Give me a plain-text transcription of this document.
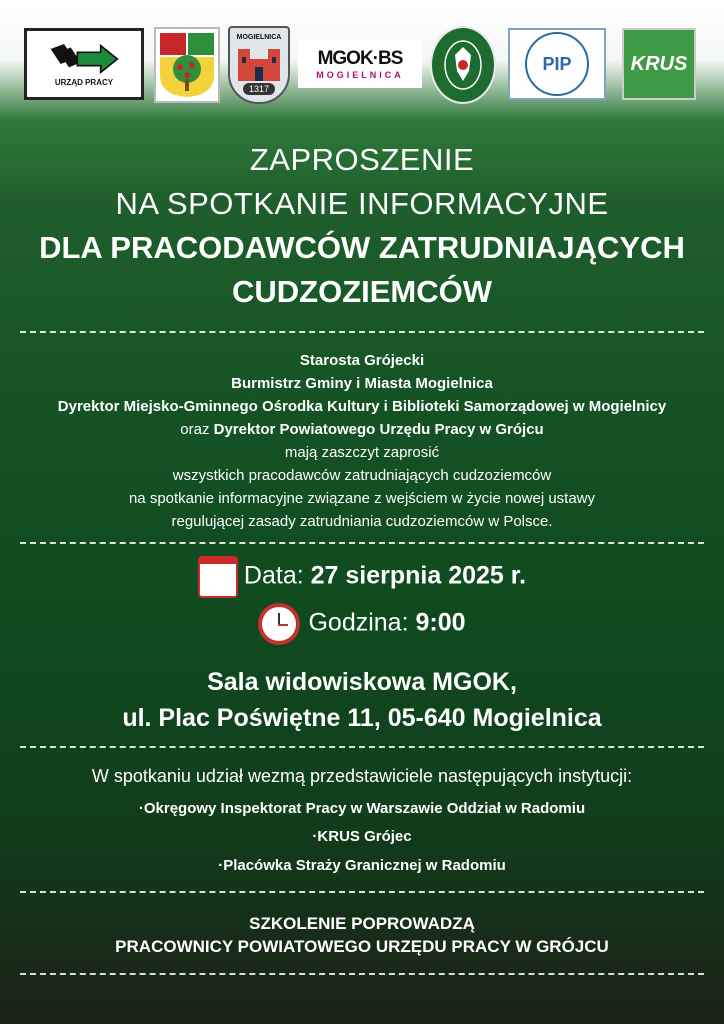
URZĄD PRACY
MOGIELNICA
1317
MGOK·BS
MOGIELNICA
PIP	KRUS
ZAPROSZENIE
NA SPOTKANIE INFORMACYJNE
DLA PRACODAWCÓW ZATRUDNIAJĄCYCH
CUDZOZIEMCÓW
Starosta Grójecki
Burmistrz Gminy i Miasta Mogielnica
Dyrektor Miejsko-Gminnego Ośrodka Kultury i Biblioteki Samorządowej w Mogielnicy
oraz Dyrektor Powiatowego Urzędu Pracy w Grójcu
mają zaszczyt zaprosić
wszystkich pracodawców zatrudniających cudzoziemców
na spotkanie informacyjne związane z wejściem w życie nowej ustawy
regulującej zasady zatrudniania cudzoziemców w Polsce.
Data: 27 sierpnia 2025 r.
Godzina: 9:00
Sala widowiskowa MGOK,
ul. Plac Poświętne 11, 05-640 Mogielnica
W spotkaniu udział wezmą przedstawiciele następujących instytucji:
·Okręgowy Inspektorat Pracy w Warszawie Oddział w Radomiu
·KRUS Grójec
·Placówka Straży Granicznej w Radomiu
SZKOLENIE POPROWADZĄ
PRACOWNICY POWIATOWEGO URZĘDU PRACY W GRÓJCU
